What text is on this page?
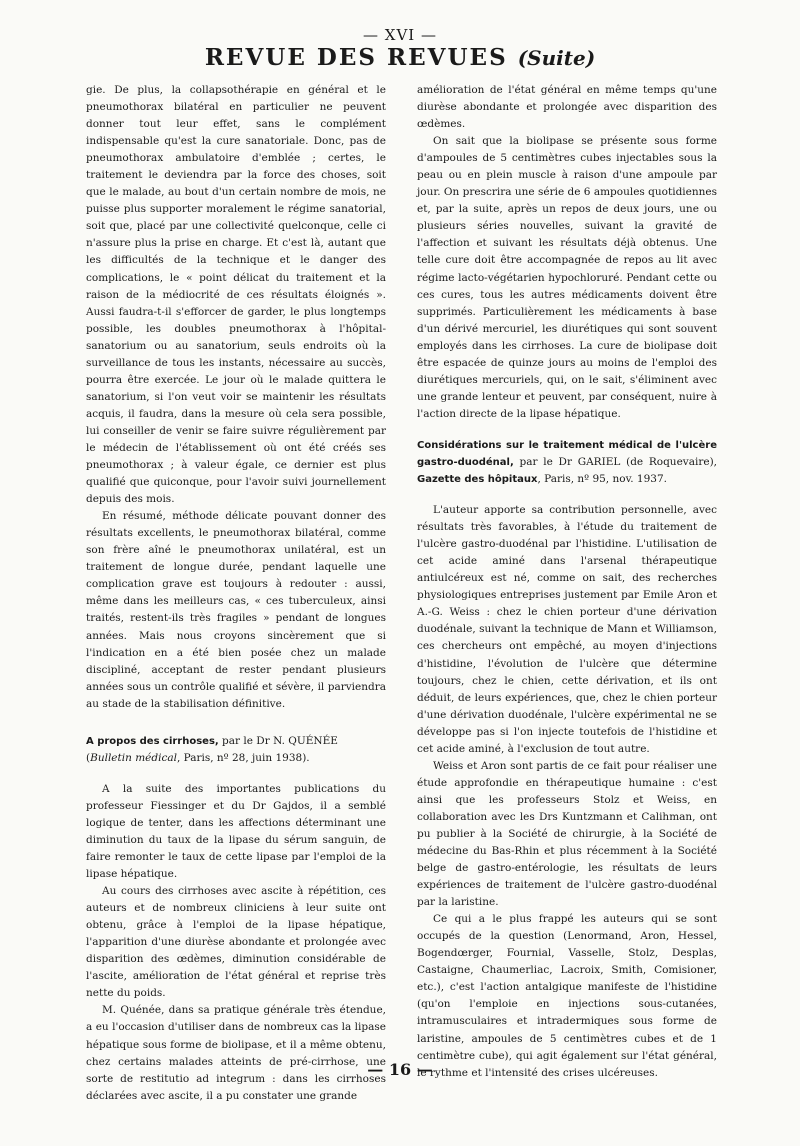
— XVI —
REVUE DES REVUES (Suite)

gie. De plus, la collapsothérapie en général et le pneumothorax bilatéral en particulier ne peuvent donner tout leur effet, sans le complément indispensable qu'est la cure sanatoriale. Donc, pas de pneumothorax ambulatoire d'emblée ; certes, le traitement le deviendra par la force des choses, soit que le malade, au bout d'un certain nombre de mois, ne puisse plus supporter moralement le régime sanatorial, soit que, placé par une collectivité quelconque, celle ci n'assure plus la prise en charge. Et c'est là, autant que les difficultés de la technique et le danger des complications, le « point délicat du traitement et la raison de la médiocrité de ces résultats éloignés ». Aussi faudra-t-il s'efforcer de garder, le plus longtemps possible, les doubles pneumothorax à l'hôpital-sanatorium ou au sanatorium, seuls endroits où la surveillance de tous les instants, nécessaire au succès, pourra être exercée. Le jour où le malade quittera le sanatorium, si l'on veut voir se maintenir les résultats acquis, il faudra, dans la mesure où cela sera possible, lui conseiller de venir se faire suivre régulièrement par le médecin de l'établissement où ont été créés ses pneumothorax ; à valeur égale, ce dernier est plus qualifié que quiconque, pour l'avoir suivi journellement depuis des mois.

En résumé, méthode délicate pouvant donner des résultats excellents, le pneumothorax bilatéral, comme son frère aîné le pneumothorax unilatéral, est un traitement de longue durée, pendant laquelle une complication grave est toujours à redouter : aussi, même dans les meilleurs cas, « ces tuberculeux, ainsi traités, restent-ils très fragiles » pendant de longues années. Mais nous croyons sincèrement que si l'indication en a été bien posée chez un malade discipliné, acceptant de rester pendant plusieurs années sous un contrôle qualifié et sévère, il parviendra au stade de la stabilisation définitive.

A propos des cirrhoses, par le Dr N. QUÉNÉE
(Bulletin médical, Paris, nº 28, juin 1938).

A la suite des importantes publications du professeur Fiessinger et du Dr Gajdos, il a semblé logique de tenter, dans les affections déterminant une diminution du taux de la lipase du sérum sanguin, de faire remonter le taux de cette lipase par l'emploi de la lipase hépatique.

Au cours des cirrhoses avec ascite à répétition, ces auteurs et de nombreux cliniciens à leur suite ont obtenu, grâce à l'emploi de la lipase hépatique, l'apparition d'une diurèse abondante et prolongée avec disparition des œdèmes, diminution considérable de l'ascite, amélioration de l'état général et reprise très nette du poids.

M. Quénée, dans sa pratique générale très étendue, a eu l'occasion d'utiliser dans de nombreux cas la lipase hépatique sous forme de biolipase, et il a même obtenu, chez certains malades atteints de pré-cirrhose, une sorte de restitutio ad integrum : dans les cirrhoses déclarées avec ascite, il a pu constater une grande

amélioration de l'état général en même temps qu'une diurèse abondante et prolongée avec disparition des œdèmes.

On sait que la biolipase se présente sous forme d'ampoules de 5 centimètres cubes injectables sous la peau ou en plein muscle à raison d'une ampoule par jour. On prescrira une série de 6 ampoules quotidiennes et, par la suite, après un repos de deux jours, une ou plusieurs séries nouvelles, suivant la gravité de l'affection et suivant les résultats déjà obtenus. Une telle cure doit être accompagnée de repos au lit avec régime lacto-végétarien hypochloruré. Pendant cette ou ces cures, tous les autres médicaments doivent être supprimés. Particulièrement les médicaments à base d'un dérivé mercuriel, les diurétiques qui sont souvent employés dans les cirrhoses. La cure de biolipase doit être espacée de quinze jours au moins de l'emploi des diurétiques mercuriels, qui, on le sait, s'éliminent avec une grande lenteur et peuvent, par conséquent, nuire à l'action directe de la lipase hépatique.

Considérations sur le traitement médical de l'ulcère gastro-duodénal, par le Dr GARIEL (de Roquevaire), Gazette des hôpitaux, Paris, nº 95, nov. 1937.

L'auteur apporte sa contribution personnelle, avec résultats très favorables, à l'étude du traitement de l'ulcère gastro-duodénal par l'histidine. L'utilisation de cet acide aminé dans l'arsenal thérapeutique antiulcéreux est né, comme on sait, des recherches physiologiques entreprises justement par Emile Aron et A.-G. Weiss : chez le chien porteur d'une dérivation duodénale, suivant la technique de Mann et Williamson, ces chercheurs ont empêché, au moyen d'injections d'histidine, l'évolution de l'ulcère que détermine toujours, chez le chien, cette dérivation, et ils ont déduit, de leurs expériences, que, chez le chien porteur d'une dérivation duodénale, l'ulcère expérimental ne se développe pas si l'on injecte toutefois de l'histidine et cet acide aminé, à l'exclusion de tout autre.

Weiss et Aron sont partis de ce fait pour réaliser une étude approfondie en thérapeutique humaine : c'est ainsi que les professeurs Stolz et Weiss, en collaboration avec les Drs Kuntzmann et Calihman, ont pu publier à la Société de chirurgie, à la Société de médecine du Bas-Rhin et plus récemment à la Société belge de gastro-entérologie, les résultats de leurs expériences de traitement de l'ulcère gastro-duodénal par la laristine.

Ce qui a le plus frappé les auteurs qui se sont occupés de la question (Lenormand, Aron, Hessel, Bogendœrger, Fournial, Vasselle, Stolz, Desplas, Castaigne, Chaumerliac, Lacroix, Smith, Comisioner, etc.), c'est l'action antalgique manifeste de l'histidine (qu'on l'emploie en injections sous-cutanées, intramusculaires et intradermiques sous forme de laristine, ampoules de 5 centimètres cubes et de 1 centimètre cube), qui agit également sur l'état général, le rythme et l'intensité des crises ulcéreuses.

— 16 —
